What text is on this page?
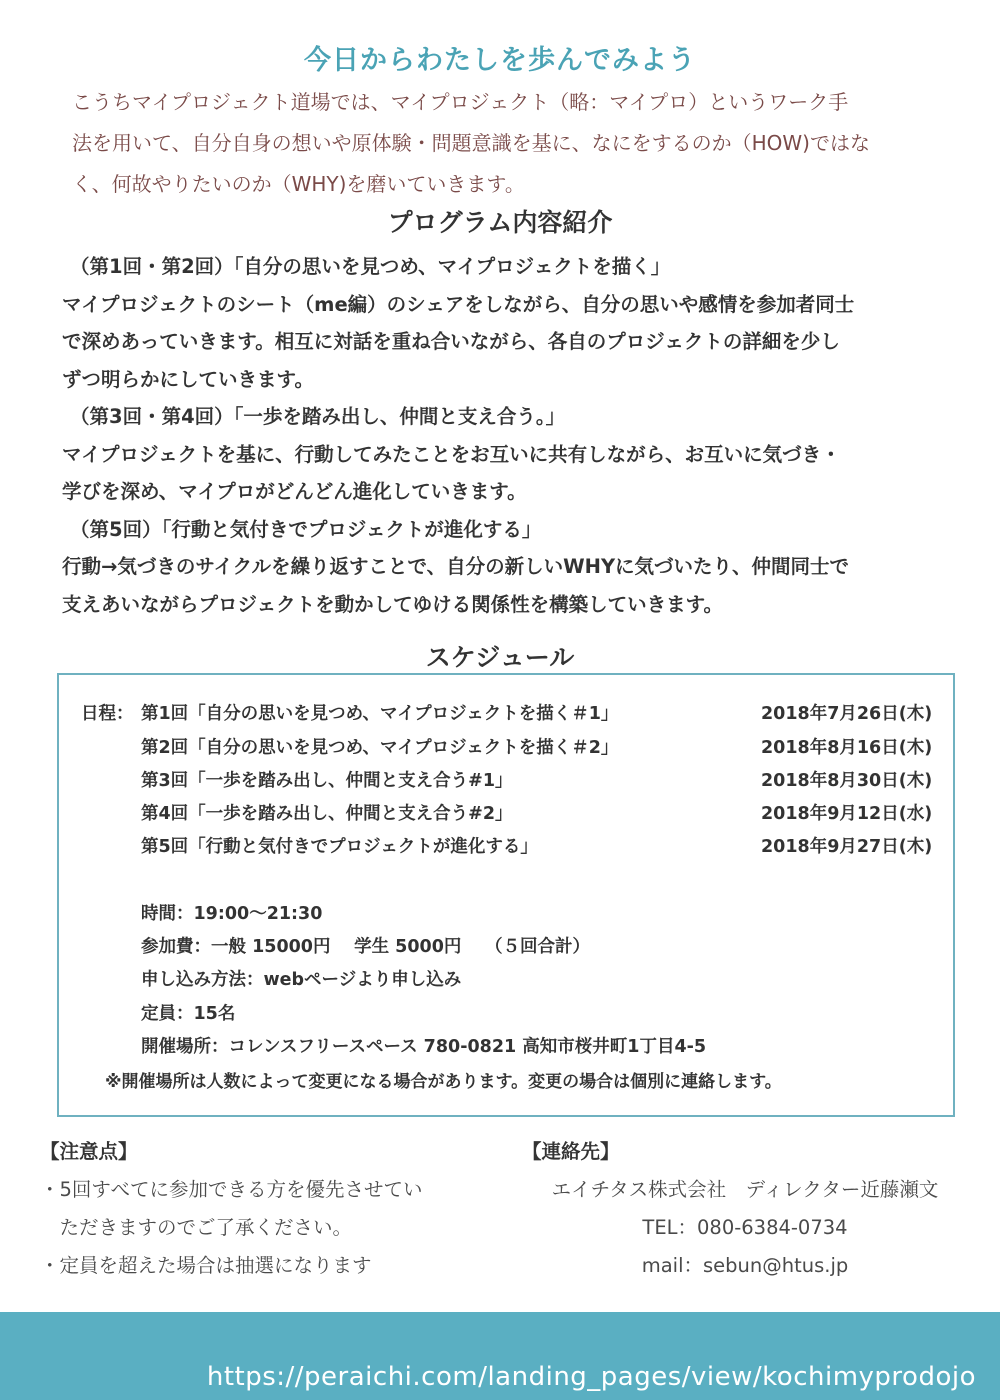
今日からわたしを歩んでみよう

こうちマイプロジェクト道場では、マイプロジェクト（略：マイプロ）というワーク手

法を用いて、自分自身の想いや原体験・問題意識を基に、なにをするのか（HOW)ではな

く、何故やりたいのか（WHY)を磨いていきます。

プログラム内容紹介

（第1回・第2回）「自分の思いを見つめ、マイプロジェクトを描く」

マイプロジェクトのシート（me編）のシェアをしながら、自分の思いや感情を参加者同士

で深めあっていきます。相互に対話を重ね合いながら、各自のプロジェクトの詳細を少し

ずつ明らかにしていきます。

（第3回・第4回）「一歩を踏み出し、仲間と支え合う。」

マイプロジェクトを基に、行動してみたことをお互いに共有しながら、お互いに気づき・

学びを深め、マイプロがどんどん進化していきます。

（第5回）「行動と気付きでプロジェクトが進化する」

行動→気づきのサイクルを繰り返すことで、自分の新しいWHYに気づいたり、仲間同士で

支えあいながらプロジェクトを動かしてゆける関係性を構築していきます。

スケジュール
日程： 第1回「自分の思いを見つめ、マイプロジェクトを描く＃1」	2018年7月26日(木)
第2回「自分の思いを見つめ、マイプロジェクトを描く＃2」	2018年8月16日(木)
第3回「一歩を踏み出し、仲間と支え合う#1」	2018年8月30日(木)
第4回「一歩を踏み出し、仲間と支え合う#2」	2018年9月12日(水)
第5回「行動と気付きでプロジェクトが進化する」	2018年9月27日(木)
時間：19:00〜21:30
参加費：一般 15000円　 学生 5000円　 （５回合計）
申し込み方法：webページより申し込み
定員：15名
開催場所：コレンスフリースペース 780-0821 高知市桜井町1丁目4-5
※開催場所は人数によって変更になる場合があります。変更の場合は個別に連絡します。

【注意点】

・5回すべてに参加できる方を優先させてい

　ただきますのでご了承ください。

・定員を超えた場合は抽選になります

【連絡先】

エイチタス株式会社　ディレクター近藤瀬文

TEL：080-6384-0734

mail：sebun@htus.jp

https://peraichi.com/landing_pages/view/kochimyprodojo
